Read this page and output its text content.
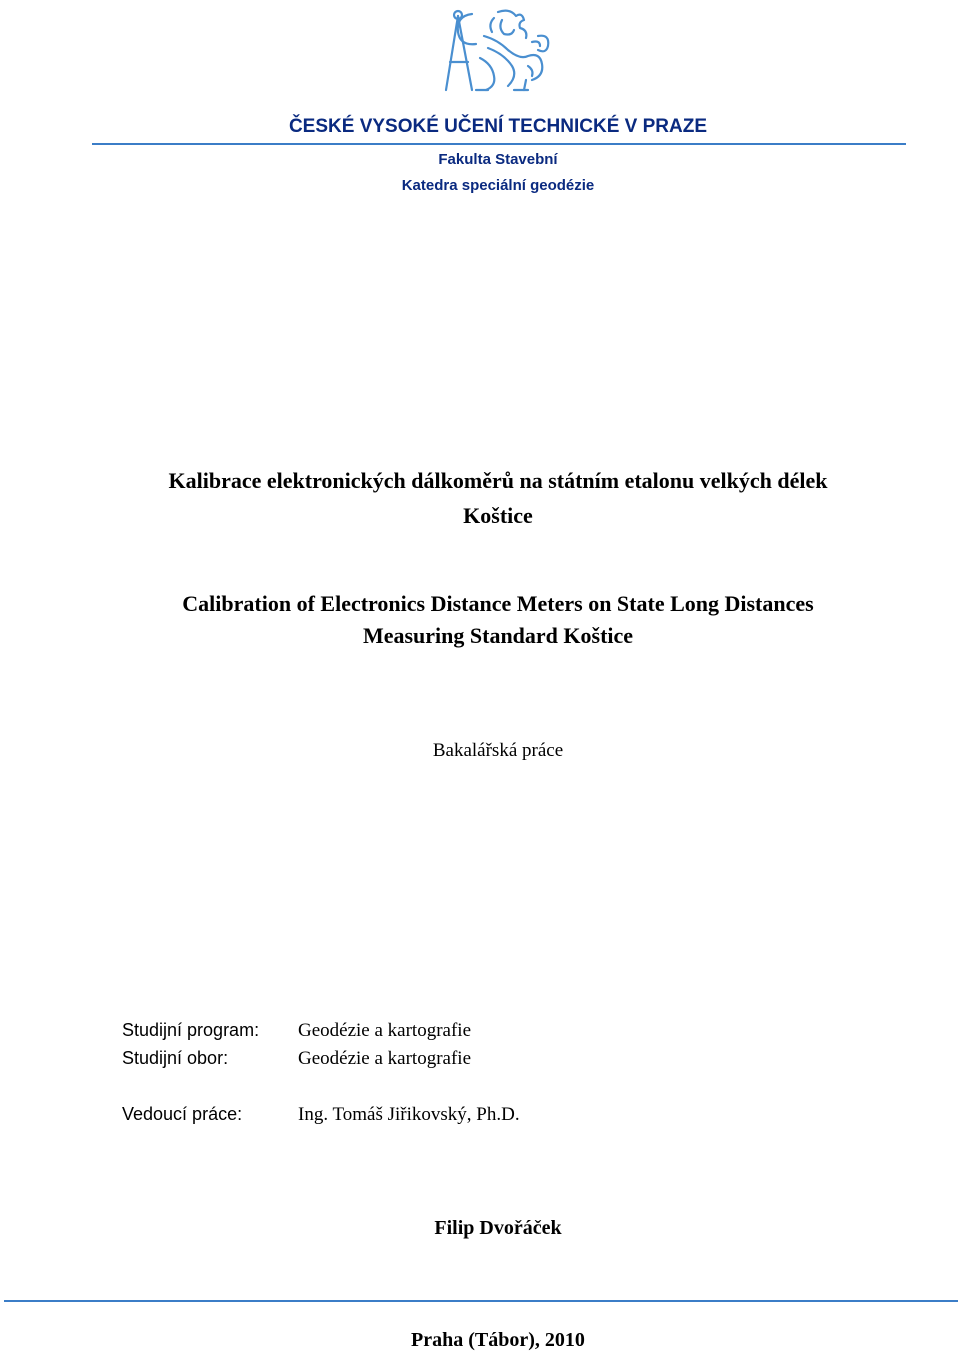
ČESKÉ VYSOKÉ UČENÍ TECHNICKÉ V PRAZE
Fakulta Stavební
Katedra speciální geodézie
Kalibrace elektronických dálkoměrů na státním etalonu velkých délek
Koštice
Calibration of Electronics Distance Meters on State Long Distances
Measuring Standard Koštice
Bakalářská práce
Studijní program: Geodézie a kartografie
Studijní obor:	Geodézie a kartografie
Vedoucí práce:	Ing. Tomáš Jiřikovský, Ph.D.
Filip Dvořáček
Praha (Tábor), 2010
